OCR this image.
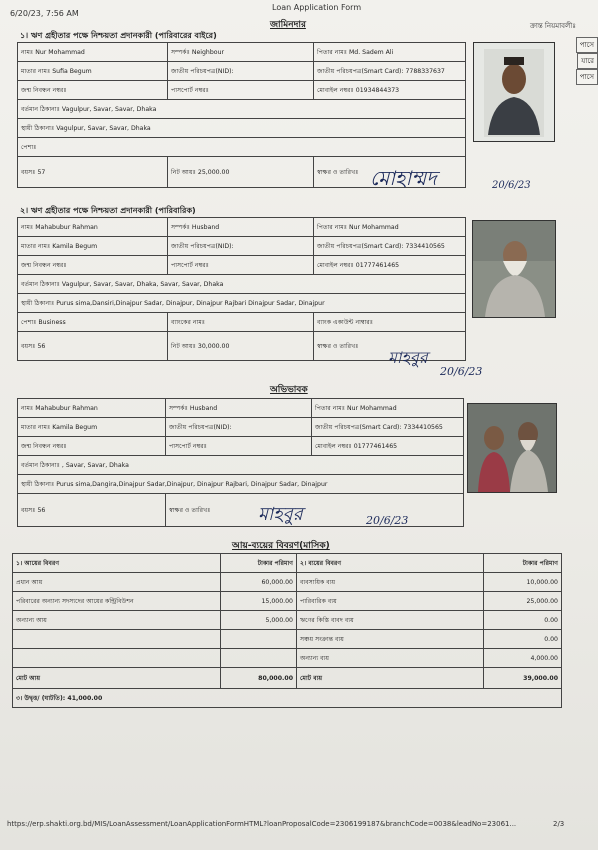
6/20/23, 7:56 AM
Loan Application Form
ক্রান্ত নিয়মাবলীঃ
পাসে
যারে
পাসে
জামিনদার
১। ঋণ গ্রহীতার পক্ষে নিশ্চয়তা প্রদানকারী (পারিবারের বাইরে)
নামঃ Nur Mohammad	সম্পর্কঃ Neighbour	পিতার নামঃ Md. Sadem Ali
মাতার নামঃ Sufia Begum	জাতীয় পরিচয়পত্র(NID):	জাতীয় পরিচয়পত্র(Smart Card): 7788337637
জন্ম নিবন্ধন নম্বরঃ	পাসপোর্ট নম্বরঃ	মোবাইল নম্বরঃ 01934844373
বর্তমান ঠিকানাঃ Vagulpur, Savar, Savar, Dhaka		
স্থায়ী ঠিকানাঃ Vagulpur, Savar, Savar, Dhaka		
পেশাঃ		
বয়সঃ 57	নিট আয়ঃ 25,000.00	স্বাক্ষর ও তারিখঃ মোহাম্মদ	20/6/23
২। ঋণ গ্রহীতার পক্ষে নিশ্চয়তা প্রদানকারী (পারিবারিক)
নামঃ Mahabubur Rahman	সম্পর্কঃ Husband	পিতার নামঃ Nur Mohammad
মাতার নামঃ Kamila Begum	জাতীয় পরিচয়পত্র(NID):	জাতীয় পরিচয়পত্র(Smart Card): 7334410565
জন্ম নিবন্ধন নম্বরঃ	পাসপোর্ট নম্বরঃ	মোবাইল নম্বরঃ 01777461465
বর্তমান ঠিকানাঃ Vagulpur, Savar, Savar, Dhaka, Savar, Savar, Dhaka		
স্থায়ী ঠিকানাঃ Purus sima,Dansiri,Dinajpur Sadar, Dinajpur, Dinajpur Rajbari Dinajpur Sadar, Dinajpur		
পেশাঃ Business	ব্যাংকের নামঃ	ব্যাংক একাউন্ট নাম্বারঃ
বয়সঃ 56	নিট আয়ঃ 30,000.00	স্বাক্ষর ও তারিখঃ
মাহবুর
20/6/23
অভিভাবক
নামঃ Mahabubur Rahman	সম্পর্কঃ Husband	পিতার নামঃ Nur Mohammad
মাতার নামঃ Kamila Begum	জাতীয় পরিচয়পত্র(NID):	জাতীয় পরিচয়পত্র(Smart Card): 7334410565
জন্ম নিবন্ধন নম্বরঃ	পাসপোর্ট নম্বরঃ	মোবাইল নম্বরঃ 01777461465
বর্তমান ঠিকানাঃ , Savar, Savar, Dhaka		
স্থায়ী ঠিকানাঃ Purus sima,Dangira,Dinajpur Sadar,Dinajpur, Dinajpur Rajbari, Dinajpur Sadar, Dinajpur		
বয়সঃ 56	স্বাক্ষর ও তারিখঃ		মাহবুর	20/6/23
আয়-ব্যয়ের বিবরণ(মাসিক)
১। আয়ের বিবরণ	টাকার পরিমাণ	২। ব্যয়ের বিবরণ	টাকার পরিমাণ
প্রধান আয়	60,000.00	ব্যবসায়িক ব্যয়	10,000.00
পরিবারের অন্যান্য সদস্যদের আয়ের কন্ট্রিবিউশন	15,000.00	পারিবারিক ব্যয়	25,000.00
অন্যান্য আয়	5,000.00	ঋণের কিস্তি বাবদ ব্যয়	0.00
		সঞ্চয় সংক্রান্ত ব্যয়	0.00
		অন্যান্য ব্যয়	4,000.00
মোট আয়	80,000.00	মোট ব্যয়	39,000.00
৩। উদ্বৃত্ত/ (ঘাটতি): 41,000.00			
https://erp.shakti.org.bd/MIS/LoanAssessment/LoanApplicationFormHTML?loanProposalCode=2306199187&branchCode=0038&leadNo=23061...	2/3
